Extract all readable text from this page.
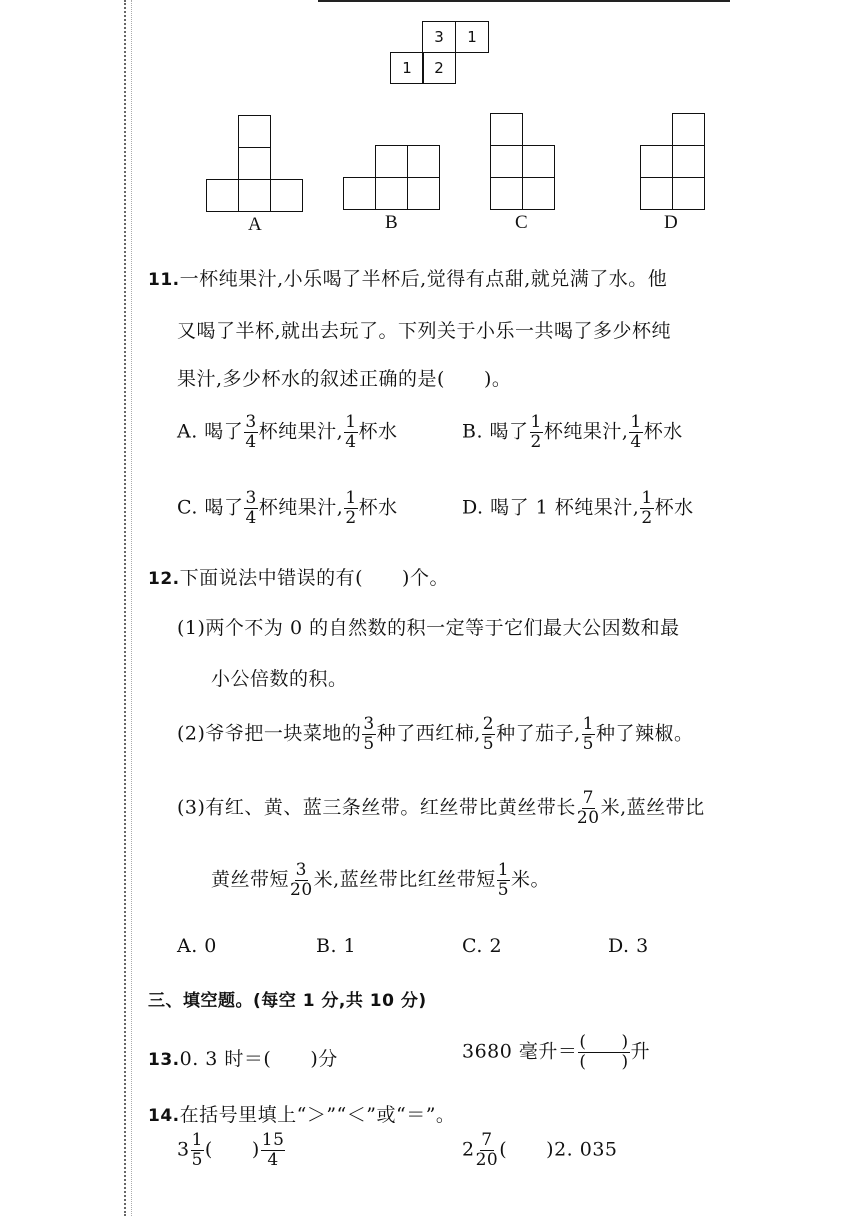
3	1
1	2
A	B	C	D
11.一杯纯果汁,小乐喝了半杯后,觉得有点甜,就兑满了水。他
又喝了半杯,就出去玩了。下列关于小乐一共喝了多少杯纯
果汁,多少杯水的叙述正确的是(　　)。
A. 喝了 $\frac{3}{4}$ 杯纯果汁, $\frac{1}{4}$ 杯水	B. 喝了 $\frac{1}{2}$ 杯纯果汁, $\frac{1}{4}$ 杯水
C. 喝了 $\frac{3}{4}$ 杯纯果汁, $\frac{1}{2}$ 杯水	D. 喝了 1 杯纯果汁, $\frac{1}{2}$ 杯水
12.下面说法中错误的有(　　)个。
(1)两个不为 0 的自然数的积一定等于它们最大公因数和最
小公倍数的积。
(2)爷爷把一块菜地的 $\frac{3}{5}$ 种了西红柿, $\frac{2}{5}$ 种了茄子, $\frac{1}{5}$ 种了辣椒。
(3)有红、黄、蓝三条丝带。红丝带比黄丝带长 $\frac{7}{20}$ 米,蓝丝带比
黄丝带短 $\frac{3}{20}$ 米,蓝丝带比红丝带短 $\frac{1}{5}$ 米。
A. 0	B. 1	C. 2	D. 3
三、填空题。(每空 1 分,共 10 分)
13.0. 3 时＝(　　)分	3680 毫升＝ $\frac{( )}{( )}$ 升
14.在括号里填上“＞”“＜”或“＝”。
$3 \frac{1}{5}$ (　　) $\frac{15}{4}$	$2 \frac{7}{20}$ (　　)2. 035
